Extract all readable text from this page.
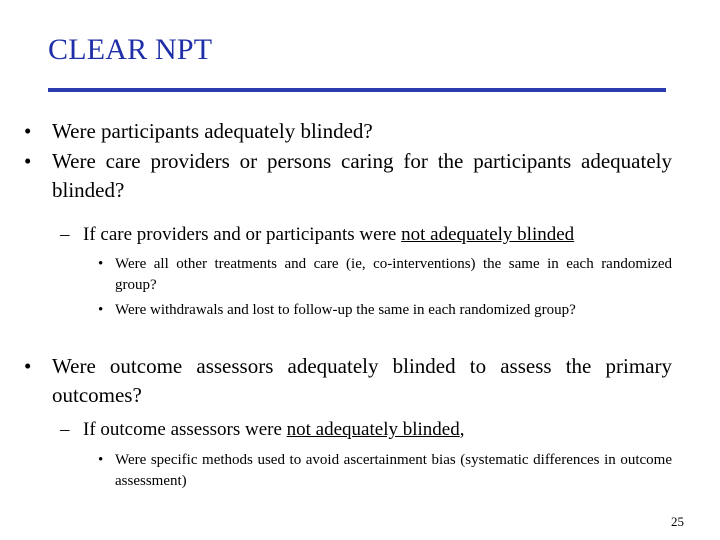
CLEAR NPT
• Were participants adequately blinded?
• Were care providers or persons caring for the participants adequately blinded?
– If care providers and or participants were not adequately blinded
• Were all other treatments and care (ie, co-interventions) the same in each randomized group?
• Were withdrawals and lost to follow-up the same in each randomized group?
• Were outcome assessors adequately blinded to assess the primary outcomes?
– If outcome assessors were not adequately blinded,
• Were specific methods used to avoid ascertainment bias (systematic differences in outcome assessment)
25
